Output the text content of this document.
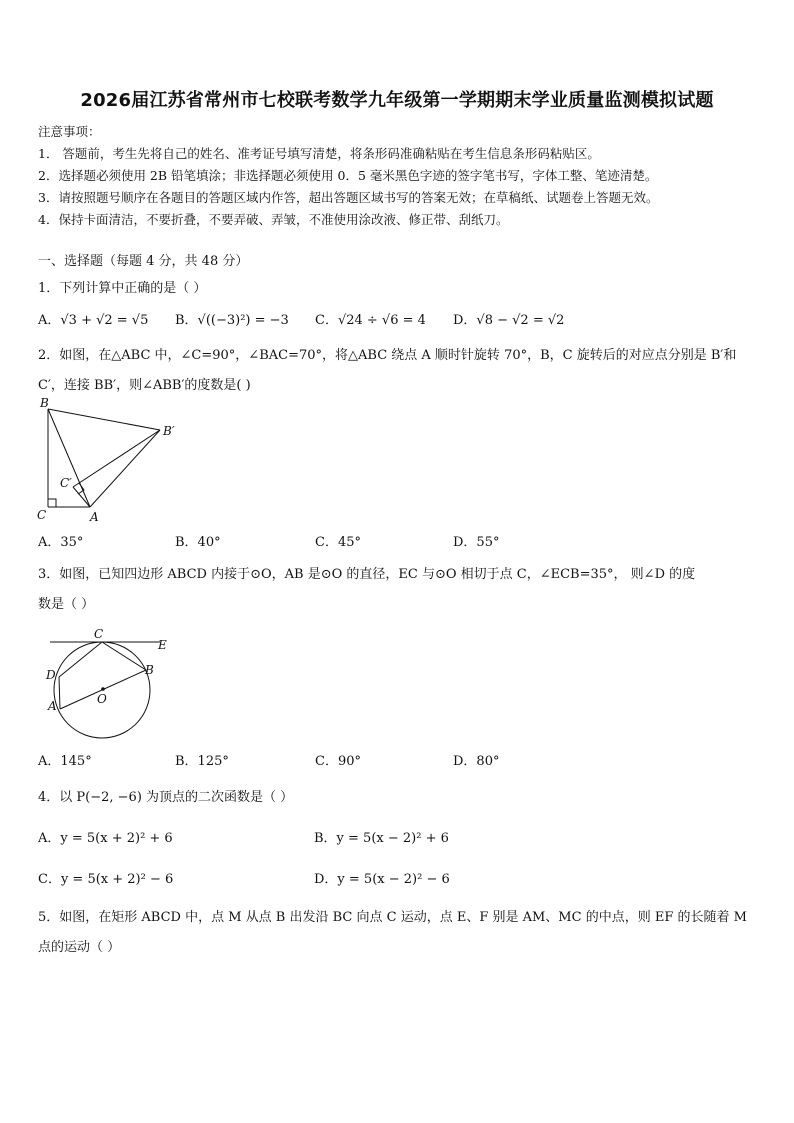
2026届江苏省常州市七校联考数学九年级第一学期期末学业质量监测模拟试题
注意事项：
1． 答题前，考生先将自己的姓名、准考证号填写清楚，将条形码准确粘贴在考生信息条形码粘贴区。
2．选择题必须使用 2B 铅笔填涂；非选择题必须使用 0．5 毫米黑色字迹的签字笔书写，字体工整、笔迹清楚。
3．请按照题号顺序在各题目的答题区域内作答，超出答题区域书写的答案无效；在草稿纸、试题卷上答题无效。
4．保持卡面清洁，不要折叠，不要弄破、弄皱，不准使用涂改液、修正带、刮纸刀。
一、选择题（每题 4 分，共 48 分）
1．下列计算中正确的是（ ）
A．√3 + √2 = √5 B．√((−3)²) = −3 C．√24 ÷ √6 = 4 D．√8 − √2 = √2
2．如图，在△ABC 中，∠C=90°，∠BAC=70°，将△ABC 绕点 A 顺时针旋转 70°，B，C 旋转后的对应点分别是 B′和
C′，连接 BB′，则∠ABB′的度数是( )
B
B′
C′
C	A
A．35°	B．40°	C．45°	D．55°
3．如图，已知四边形 ABCD 内接于⊙O，AB 是⊙O 的直径，EC 与⊙O 相切于点 C，∠ECB=35°， 则∠D 的度
数是（ ）
C
E
D	B
O
A
A．145°	B．125°	C．90°	D．80°
4．以 P(−2, −6) 为顶点的二次函数是（ ）
A．y = 5(x + 2)² + 6	B．y = 5(x − 2)² + 6
C．y = 5(x + 2)² − 6	D．y = 5(x − 2)² − 6
5．如图，在矩形 ABCD 中，点 M 从点 B 出发沿 BC 向点 C 运动，点 E、F 别是 AM、MC 的中点，则 EF 的长随着 M
点的运动（ ）
